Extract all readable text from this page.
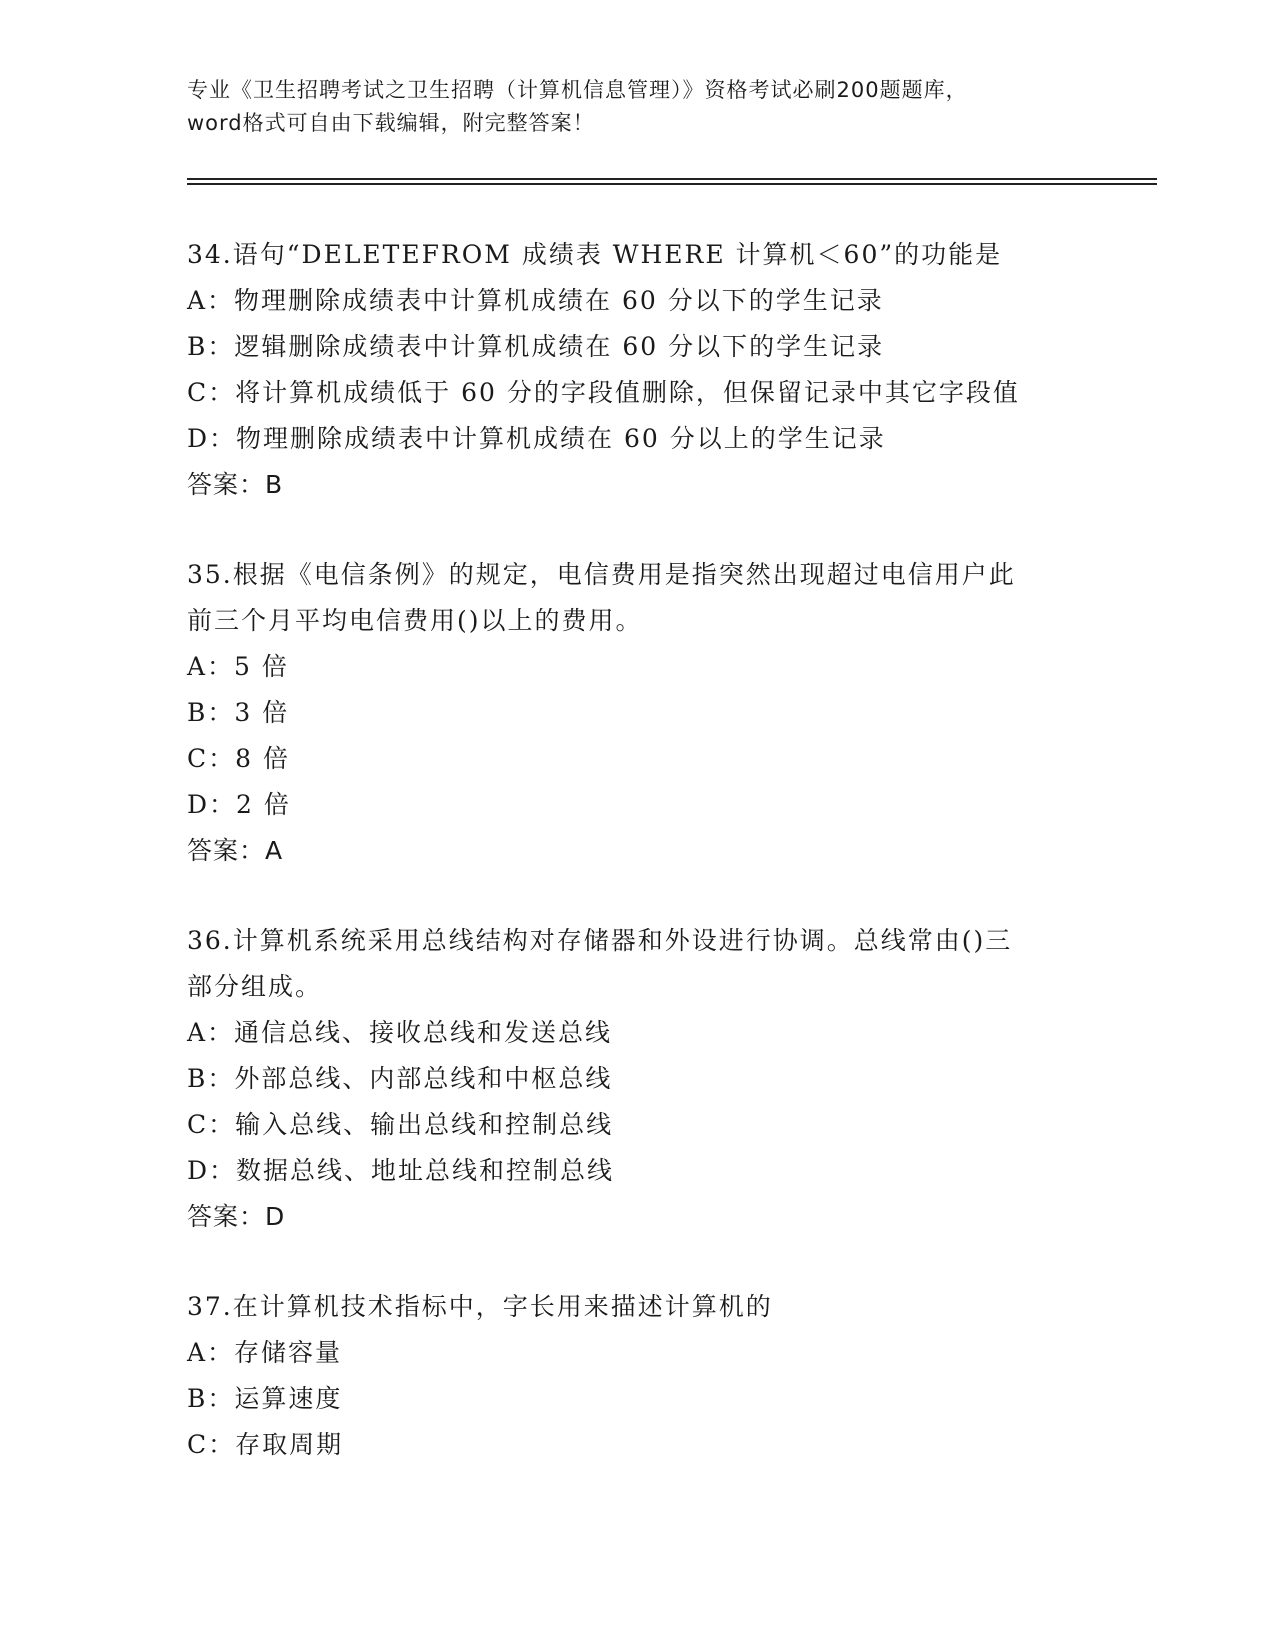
专业《卫生招聘考试之卫生招聘（计算机信息管理）》资格考试必刷200题题库，
word格式可自由下载编辑，附完整答案！
34.语句“DELETEFROM 成绩表 WHERE 计算机＜60”的功能是
A：物理删除成绩表中计算机成绩在 60 分以下的学生记录
B：逻辑删除成绩表中计算机成绩在 60 分以下的学生记录
C：将计算机成绩低于 60 分的字段值删除，但保留记录中其它字段值
D：物理删除成绩表中计算机成绩在 60 分以上的学生记录
答案：B
35.根据《电信条例》的规定，电信费用是指突然出现超过电信用户此
前三个月平均电信费用()以上的费用。
A：5 倍
B：3 倍
C：8 倍
D：2 倍
答案：A
36.计算机系统采用总线结构对存储器和外设进行协调。总线常由()三
部分组成。
A：通信总线、接收总线和发送总线
B：外部总线、内部总线和中枢总线
C：输入总线、输出总线和控制总线
D：数据总线、地址总线和控制总线
答案：D
37.在计算机技术指标中，字长用来描述计算机的
A：存储容量
B：运算速度
C：存取周期
